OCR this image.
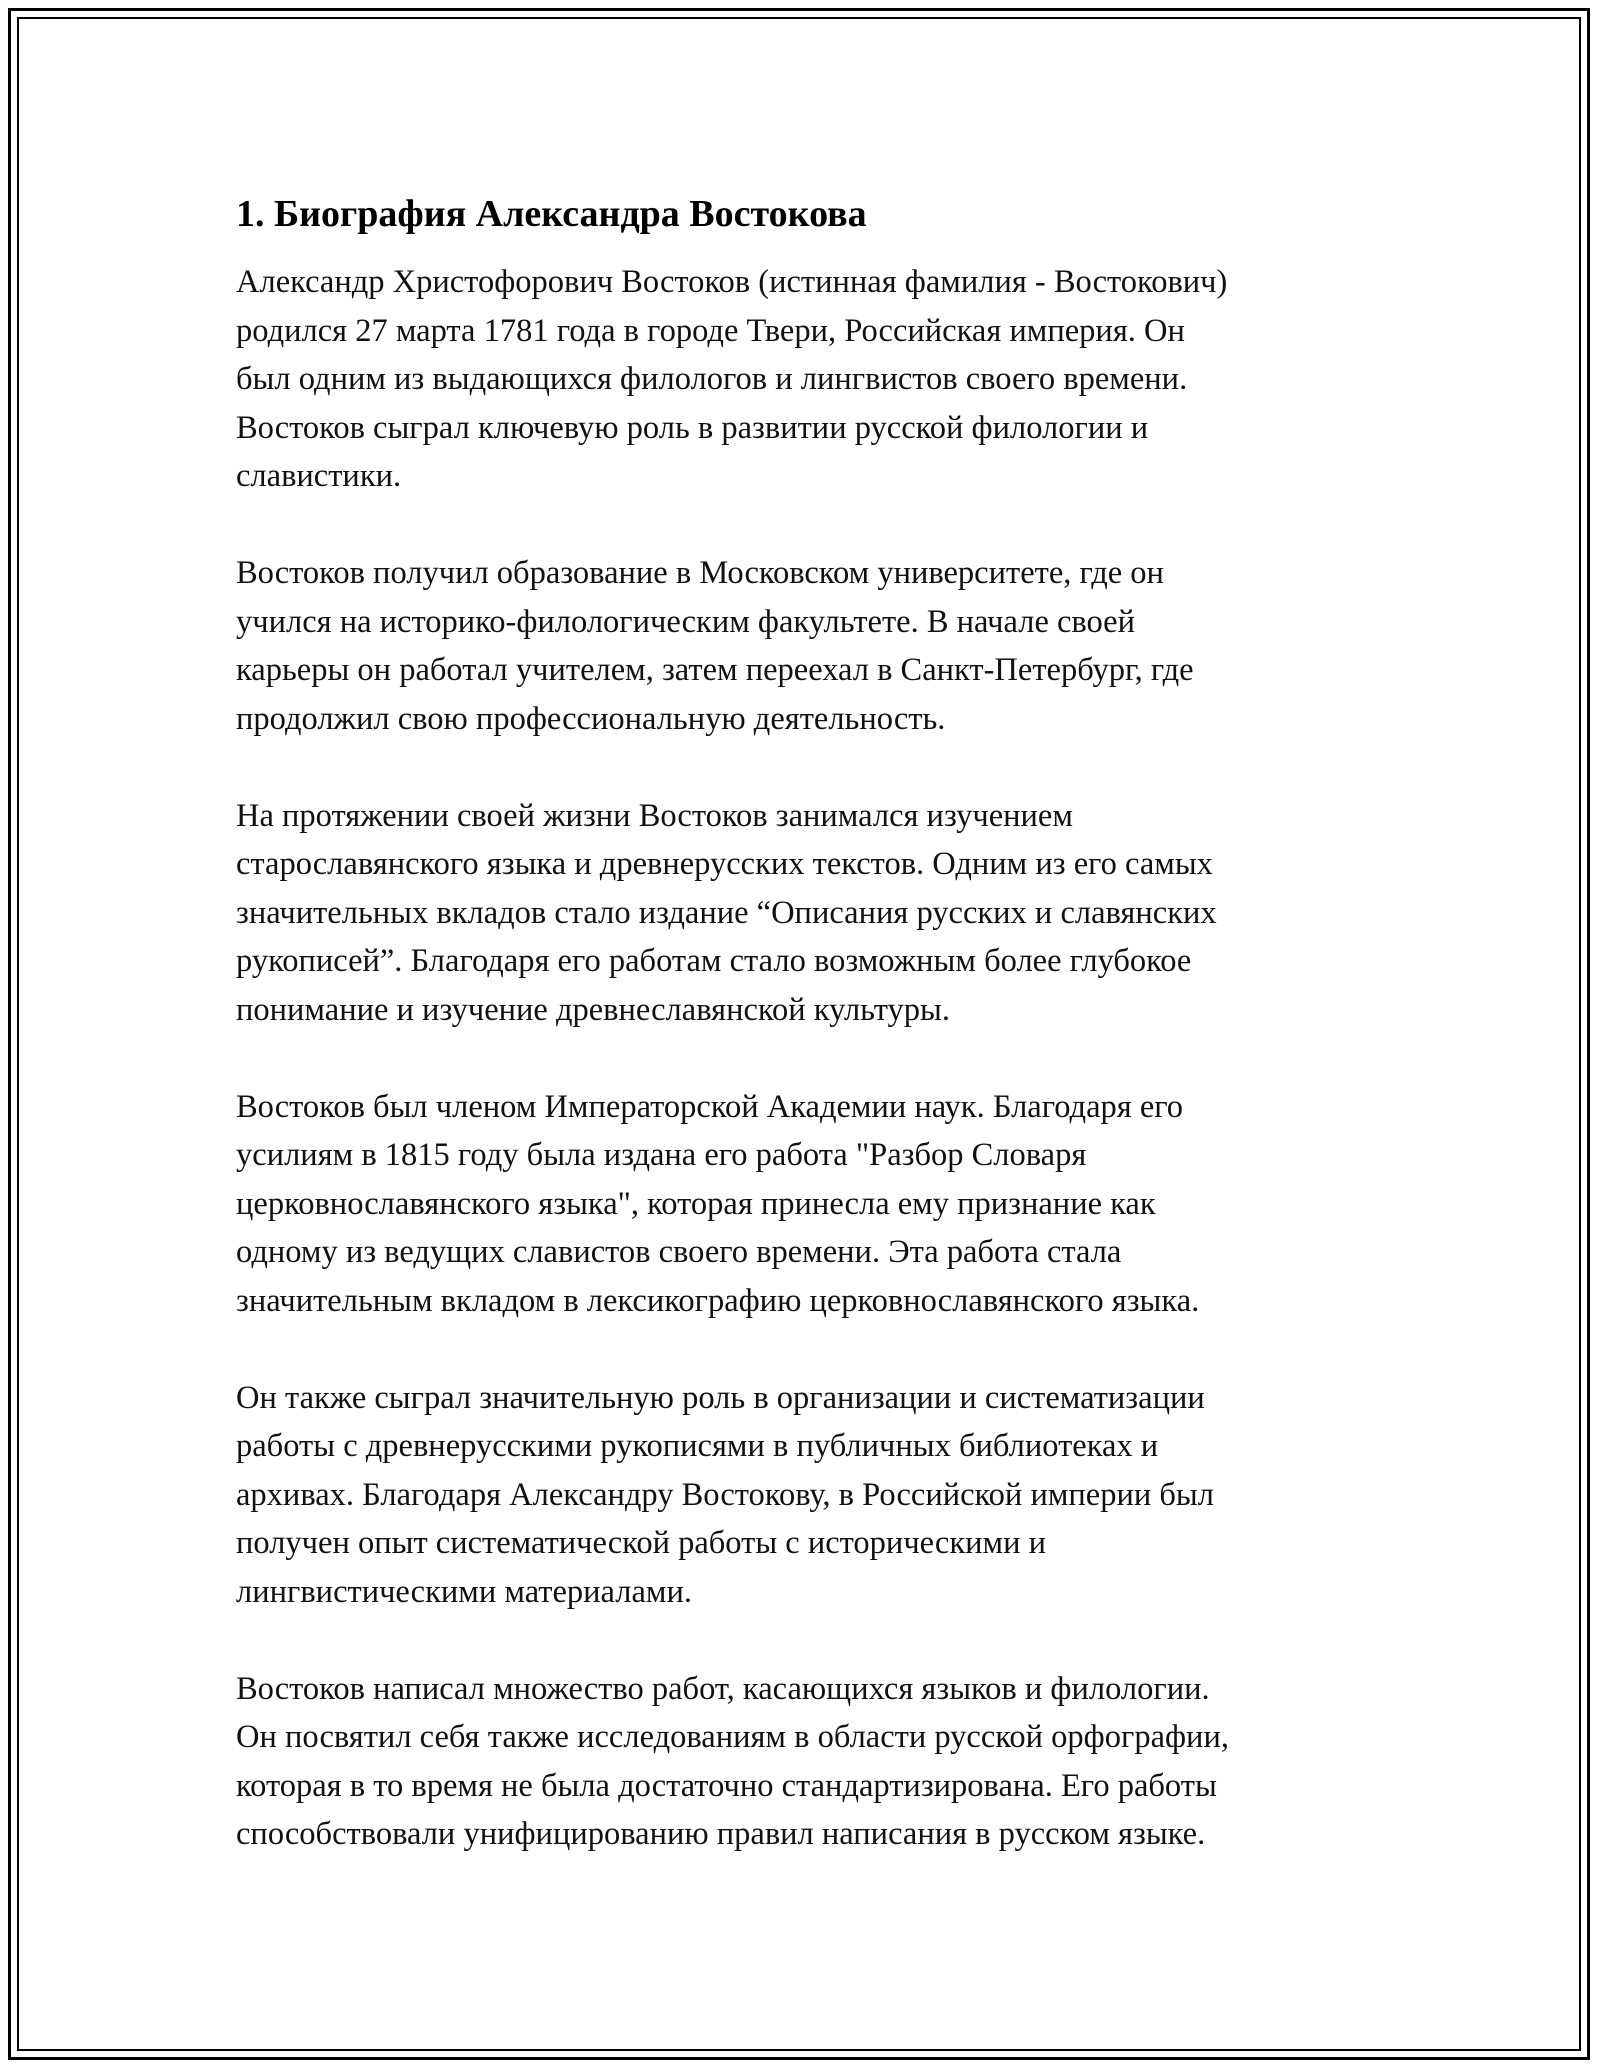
1. Биография Александра Востокова

Александр Христофорович Востоков (истинная фамилия - Востокович)
родился 27 марта 1781 года в городе Твери, Российская империя. Он
был одним из выдающихся филологов и лингвистов своего времени.
Востоков сыграл ключевую роль в развитии русской филологии и
славистики.

Востоков получил образование в Московском университете, где он
учился на историко-филологическим факультете. В начале своей
карьеры он работал учителем, затем переехал в Санкт-Петербург, где
продолжил свою профессиональную деятельность.

На протяжении своей жизни Востоков занимался изучением
старославянского языка и древнерусских текстов. Одним из его самых
значительных вкладов стало издание “Описания русских и славянских
рукописей”. Благодаря его работам стало возможным более глубокое
понимание и изучение древнеславянской культуры.

Востоков был членом Императорской Академии наук. Благодаря его
усилиям в 1815 году была издана его работа "Разбор Словаря
церковнославянского языка", которая принесла ему признание как
одному из ведущих славистов своего времени. Эта работа стала
значительным вкладом в лексикографию церковнославянского языка.

Он также сыграл значительную роль в организации и систематизации
работы с древнерусскими рукописями в публичных библиотеках и
архивах. Благодаря Александру Востокову, в Российской империи был
получен опыт систематической работы с историческими и
лингвистическими материалами.

Востоков написал множество работ, касающихся языков и филологии.
Он посвятил себя также исследованиям в области русской орфографии,
которая в то время не была достаточно стандартизирована. Его работы
способствовали унифицированию правил написания в русском языке.
